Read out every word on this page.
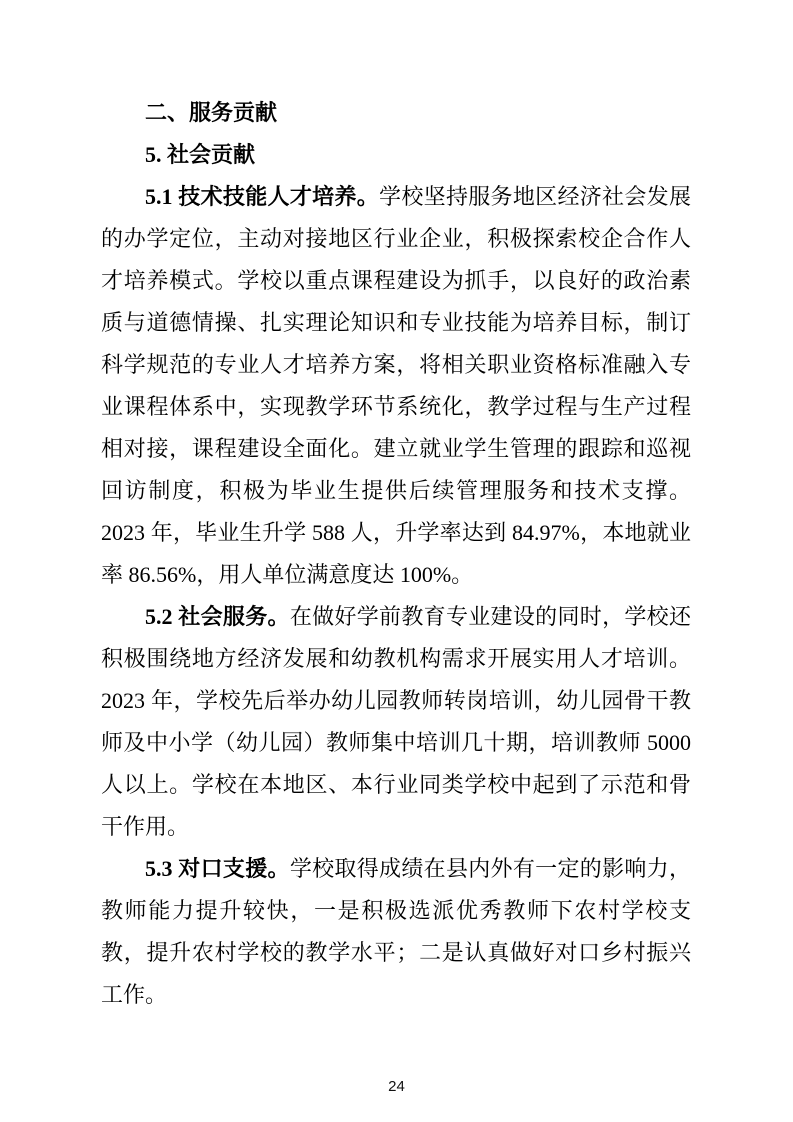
二、服务贡献

5. 社会贡献

5.1 技术技能人才培养。学校坚持服务地区经济社会发展的办学定位，主动对接地区行业企业，积极探索校企合作人才培养模式。学校以重点课程建设为抓手，以良好的政治素质与道德情操、扎实理论知识和专业技能为培养目标，制订科学规范的专业人才培养方案，将相关职业资格标准融入专业课程体系中，实现教学环节系统化，教学过程与生产过程相对接，课程建设全面化。建立就业学生管理的跟踪和巡视回访制度，积极为毕业生提供后续管理服务和技术支撑。2023 年，毕业生升学 588 人，升学率达到 84.97%，本地就业率 86.56%，用人单位满意度达 100%。

5.2 社会服务。在做好学前教育专业建设的同时，学校还积极围绕地方经济发展和幼教机构需求开展实用人才培训。2023 年，学校先后举办幼儿园教师转岗培训，幼儿园骨干教师及中小学（幼儿园）教师集中培训几十期，培训教师 5000 人以上。学校在本地区、本行业同类学校中起到了示范和骨干作用。

5.3 对口支援。学校取得成绩在县内外有一定的影响力，教师能力提升较快，一是积极选派优秀教师下农村学校支教，提升农村学校的教学水平；二是认真做好对口乡村振兴工作。

24
